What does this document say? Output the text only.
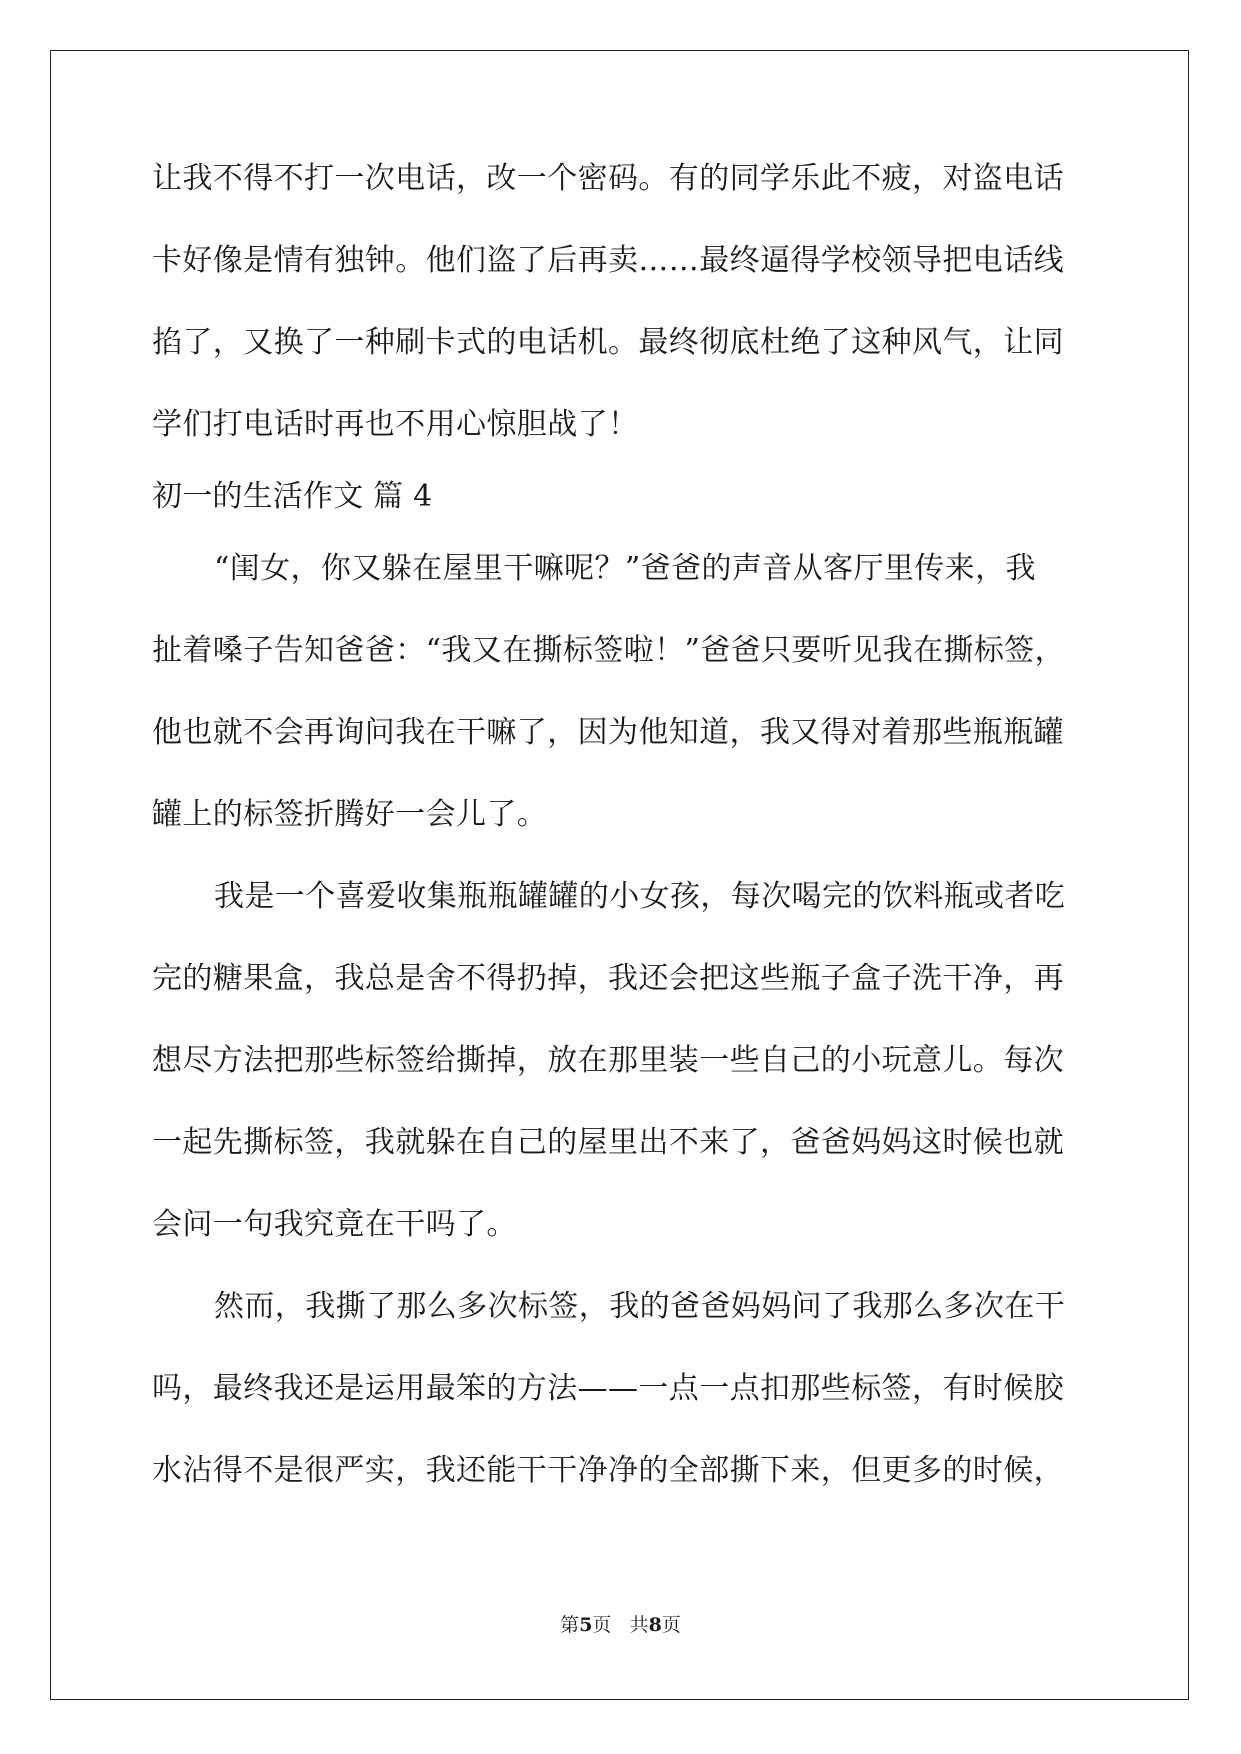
让我不得不打一次电话，改一个密码。有的同学乐此不疲，对盗电话

卡好像是情有独钟。他们盗了后再卖……最终逼得学校领导把电话线

掐了，又换了一种刷卡式的电话机。最终彻底杜绝了这种风气，让同

学们打电话时再也不用心惊胆战了！

初一的生活作文 篇 4

“闺女，你又躲在屋里干嘛呢？”爸爸的声音从客厅里传来，我

扯着嗓子告知爸爸：“我又在撕标签啦！”爸爸只要听见我在撕标签，

他也就不会再询问我在干嘛了，因为他知道，我又得对着那些瓶瓶罐

罐上的标签折腾好一会儿了。

我是一个喜爱收集瓶瓶罐罐的小女孩，每次喝完的饮料瓶或者吃

完的糖果盒，我总是舍不得扔掉，我还会把这些瓶子盒子洗干净，再

想尽方法把那些标签给撕掉，放在那里装一些自己的小玩意儿。每次

一起先撕标签，我就躲在自己的屋里出不来了，爸爸妈妈这时候也就

会问一句我究竟在干吗了。

然而，我撕了那么多次标签，我的爸爸妈妈问了我那么多次在干

吗，最终我还是运用最笨的方法——一点一点扣那些标签，有时候胶

水沾得不是很严实，我还能干干净净的全部撕下来，但更多的时候，

第5页 共8页
